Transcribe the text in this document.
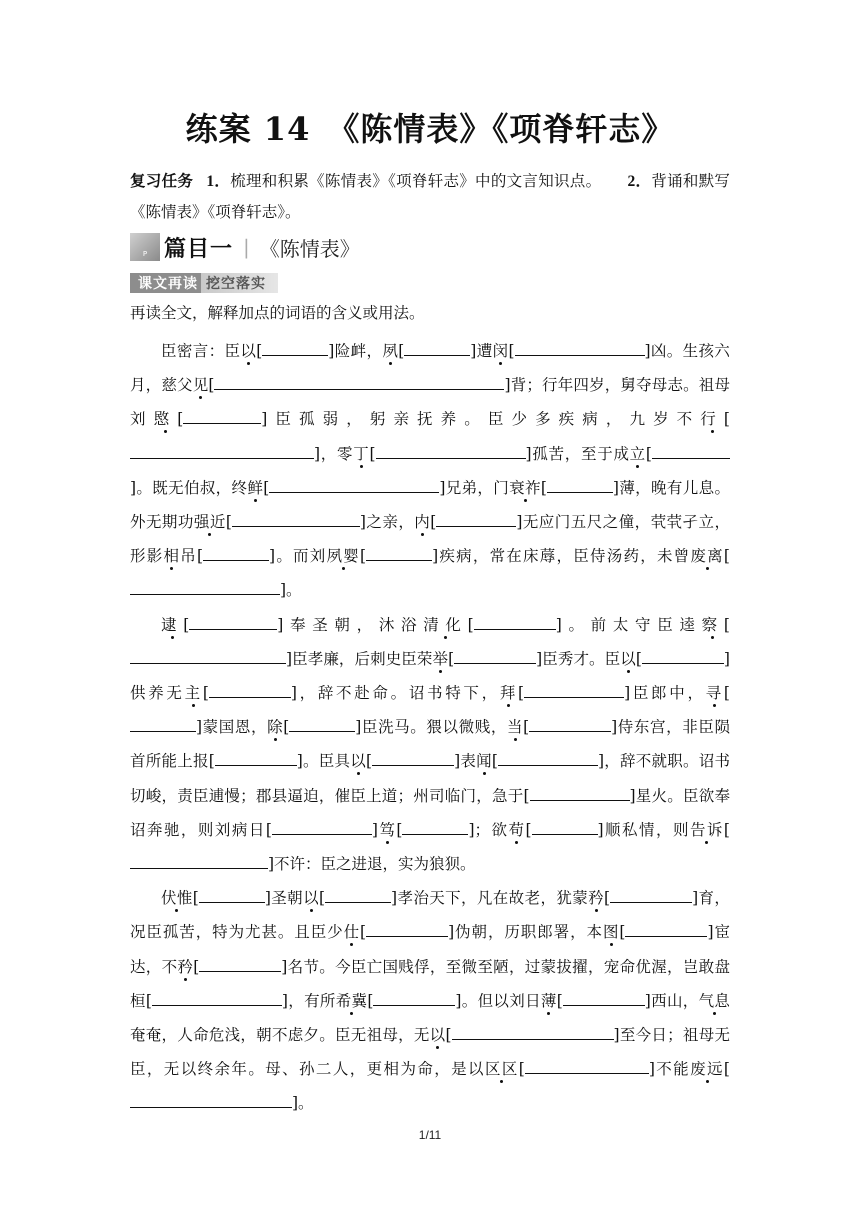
练案 14　《陈情表》《项脊轩志》
复习任务 1．梳理和积累《陈情表》《项脊轩志》中的文言知识点。 2．背诵和默写《陈情表》《项脊轩志》。
P 篇目一 | 《陈情表》
课文再读 挖空落实
再读全文，解释加点的词语的含义或用法。

臣密言：臣以[	]险衅，夙[	]遭闵[	]凶。生孩六月，慈父见[	]背；行年四岁，舅夺母志。祖母刘愍[	]臣孤弱，躬亲抚养。臣少多疾病，九岁不行[]，零丁[	]孤苦，至于成立[]。既无伯叔，终鲜[	]兄弟，门衰祚[	]薄，晚有儿息。外无期功强近[	]之亲，内[	]无应门五尺之僮，茕茕孑立，形影相吊[	]。而刘夙婴[	]疾病，常在床蓐，臣侍汤药，未曾废离[]。

逮[	]奉圣朝，沐浴清化[	]。前太守臣逵察[]臣孝廉，后刺史臣荣举[	]臣秀才。臣以[	]供养无主[	]，辞不赴命。诏书特下，拜[	]臣郎中，寻[]蒙国恩，除[	]臣洗马。猥以微贱，当[	]侍东宫，非臣陨首所能上报[	]。臣具以[	]表闻[	]，辞不就职。诏书切峻，责臣逋慢；郡县逼迫，催臣上道；州司临门，急于[	]星火。臣欲奉诏奔驰，则刘病日[	]笃[	]；欲苟[	]顺私情，则告诉[]不许：臣之进退，实为狼狈。

伏惟[	]圣朝以[	]孝治天下，凡在故老，犹蒙矜[	]育，况臣孤苦，特为尤甚。且臣少仕[	]伪朝，历职郎署，本图[	]宦达，不矜[	]名节。今臣亡国贱俘，至微至陋，过蒙拔擢，宠命优渥，岂敢盘桓[	]，有所希冀[	]。但以刘日薄[	]西山，气息奄奄，人命危浅，朝不虑夕。臣无祖母，无以[	]至今日；祖母无臣，无以终余年。母、孙二人，更相为命，是以区区[	]不能废远[]。

1/11
